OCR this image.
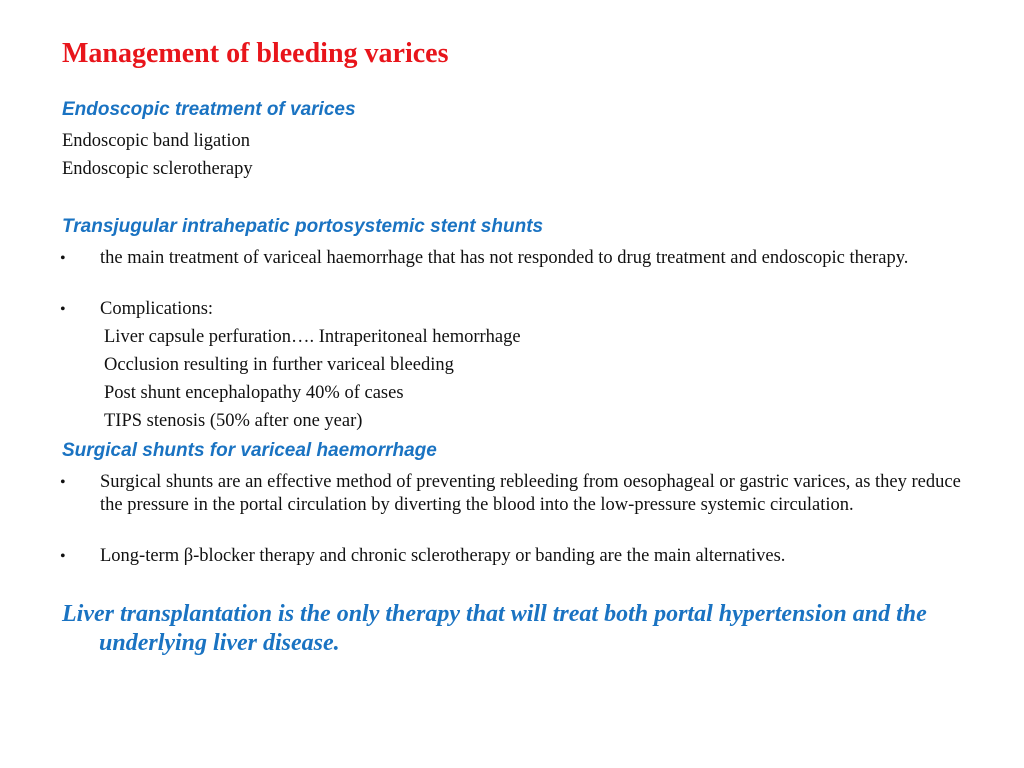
Management of bleeding varices
Endoscopic treatment of varices
Endoscopic band ligation
Endoscopic sclerotherapy
Transjugular intrahepatic portosystemic stent shunts
• the main treatment of variceal haemorrhage that has not responded to drug treatment and endoscopic therapy.
• Complications:
Liver capsule perfuration…. Intraperitoneal hemorrhage
Occlusion resulting in further variceal bleeding
Post shunt encephalopathy 40% of cases
TIPS stenosis (50% after one year)
Surgical shunts for variceal haemorrhage
• Surgical shunts are an effective method of preventing rebleeding from oesophageal or gastric varices, as they reduce the pressure in the portal circulation by diverting the blood into the low-pressure systemic circulation.
• Long-term β-blocker therapy and chronic sclerotherapy or banding are the main alternatives.
Liver transplantation is the only therapy that will treat both portal hypertension and the underlying liver disease.
